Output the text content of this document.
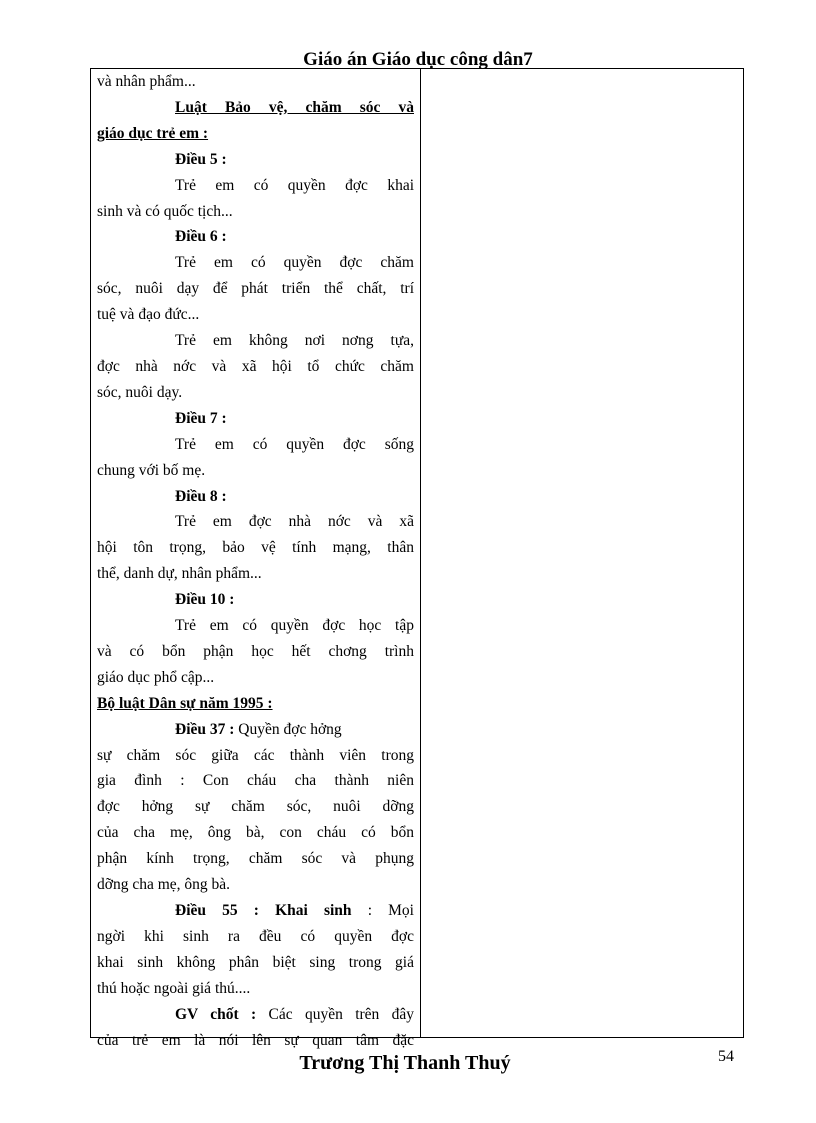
Giáo án Giáo dục công dân7

và nhân phẩm...

Luật Bảo vệ, chăm sóc và

giáo dục trẻ em :

Điều 5 :

Trẻ em có quyền đợc khai

sinh và có quốc tịch...

Điều 6 :

Trẻ em có quyền đợc chăm

sóc, nuôi dạy để phát triển thể chất, trí

tuệ và đạo đức...

Trẻ em không nơi nơng tựa,

đợc nhà nớc và xã hội tổ chức chăm

sóc, nuôi dạy.

Điều 7 :

Trẻ em có quyền đợc sống

chung với bố mẹ.

Điều 8 :

Trẻ em đợc nhà nớc và xã

hội tôn trọng, bảo vệ tính mạng, thân

thể, danh dự, nhân phẩm...

Điều 10 :

Trẻ em có quyền đợc học tập

và có bổn phận học hết chơng trình

giáo dục phổ cập...

Bộ luật Dân sự năm 1995 :

Điều 37 : Quyền đợc hởng

sự chăm sóc giữa các thành viên trong

gia đình : Con cháu cha thành niên

đợc hởng sự chăm sóc, nuôi dỡng

của cha mẹ, ông bà, con cháu có bổn

phận kính trọng, chăm sóc và phụng

dỡng cha mẹ, ông bà.

Điều 55 : Khai sinh : Mọi

ngời khi sinh ra đều có quyền đợc

khai sinh không phân biệt sing trong giá

thú hoặc ngoài giá thú....

GV chốt : Các quyền trên đây

của trẻ em là nói lên sự quan tâm đặc

Trương Thị Thanh Thuý	54
